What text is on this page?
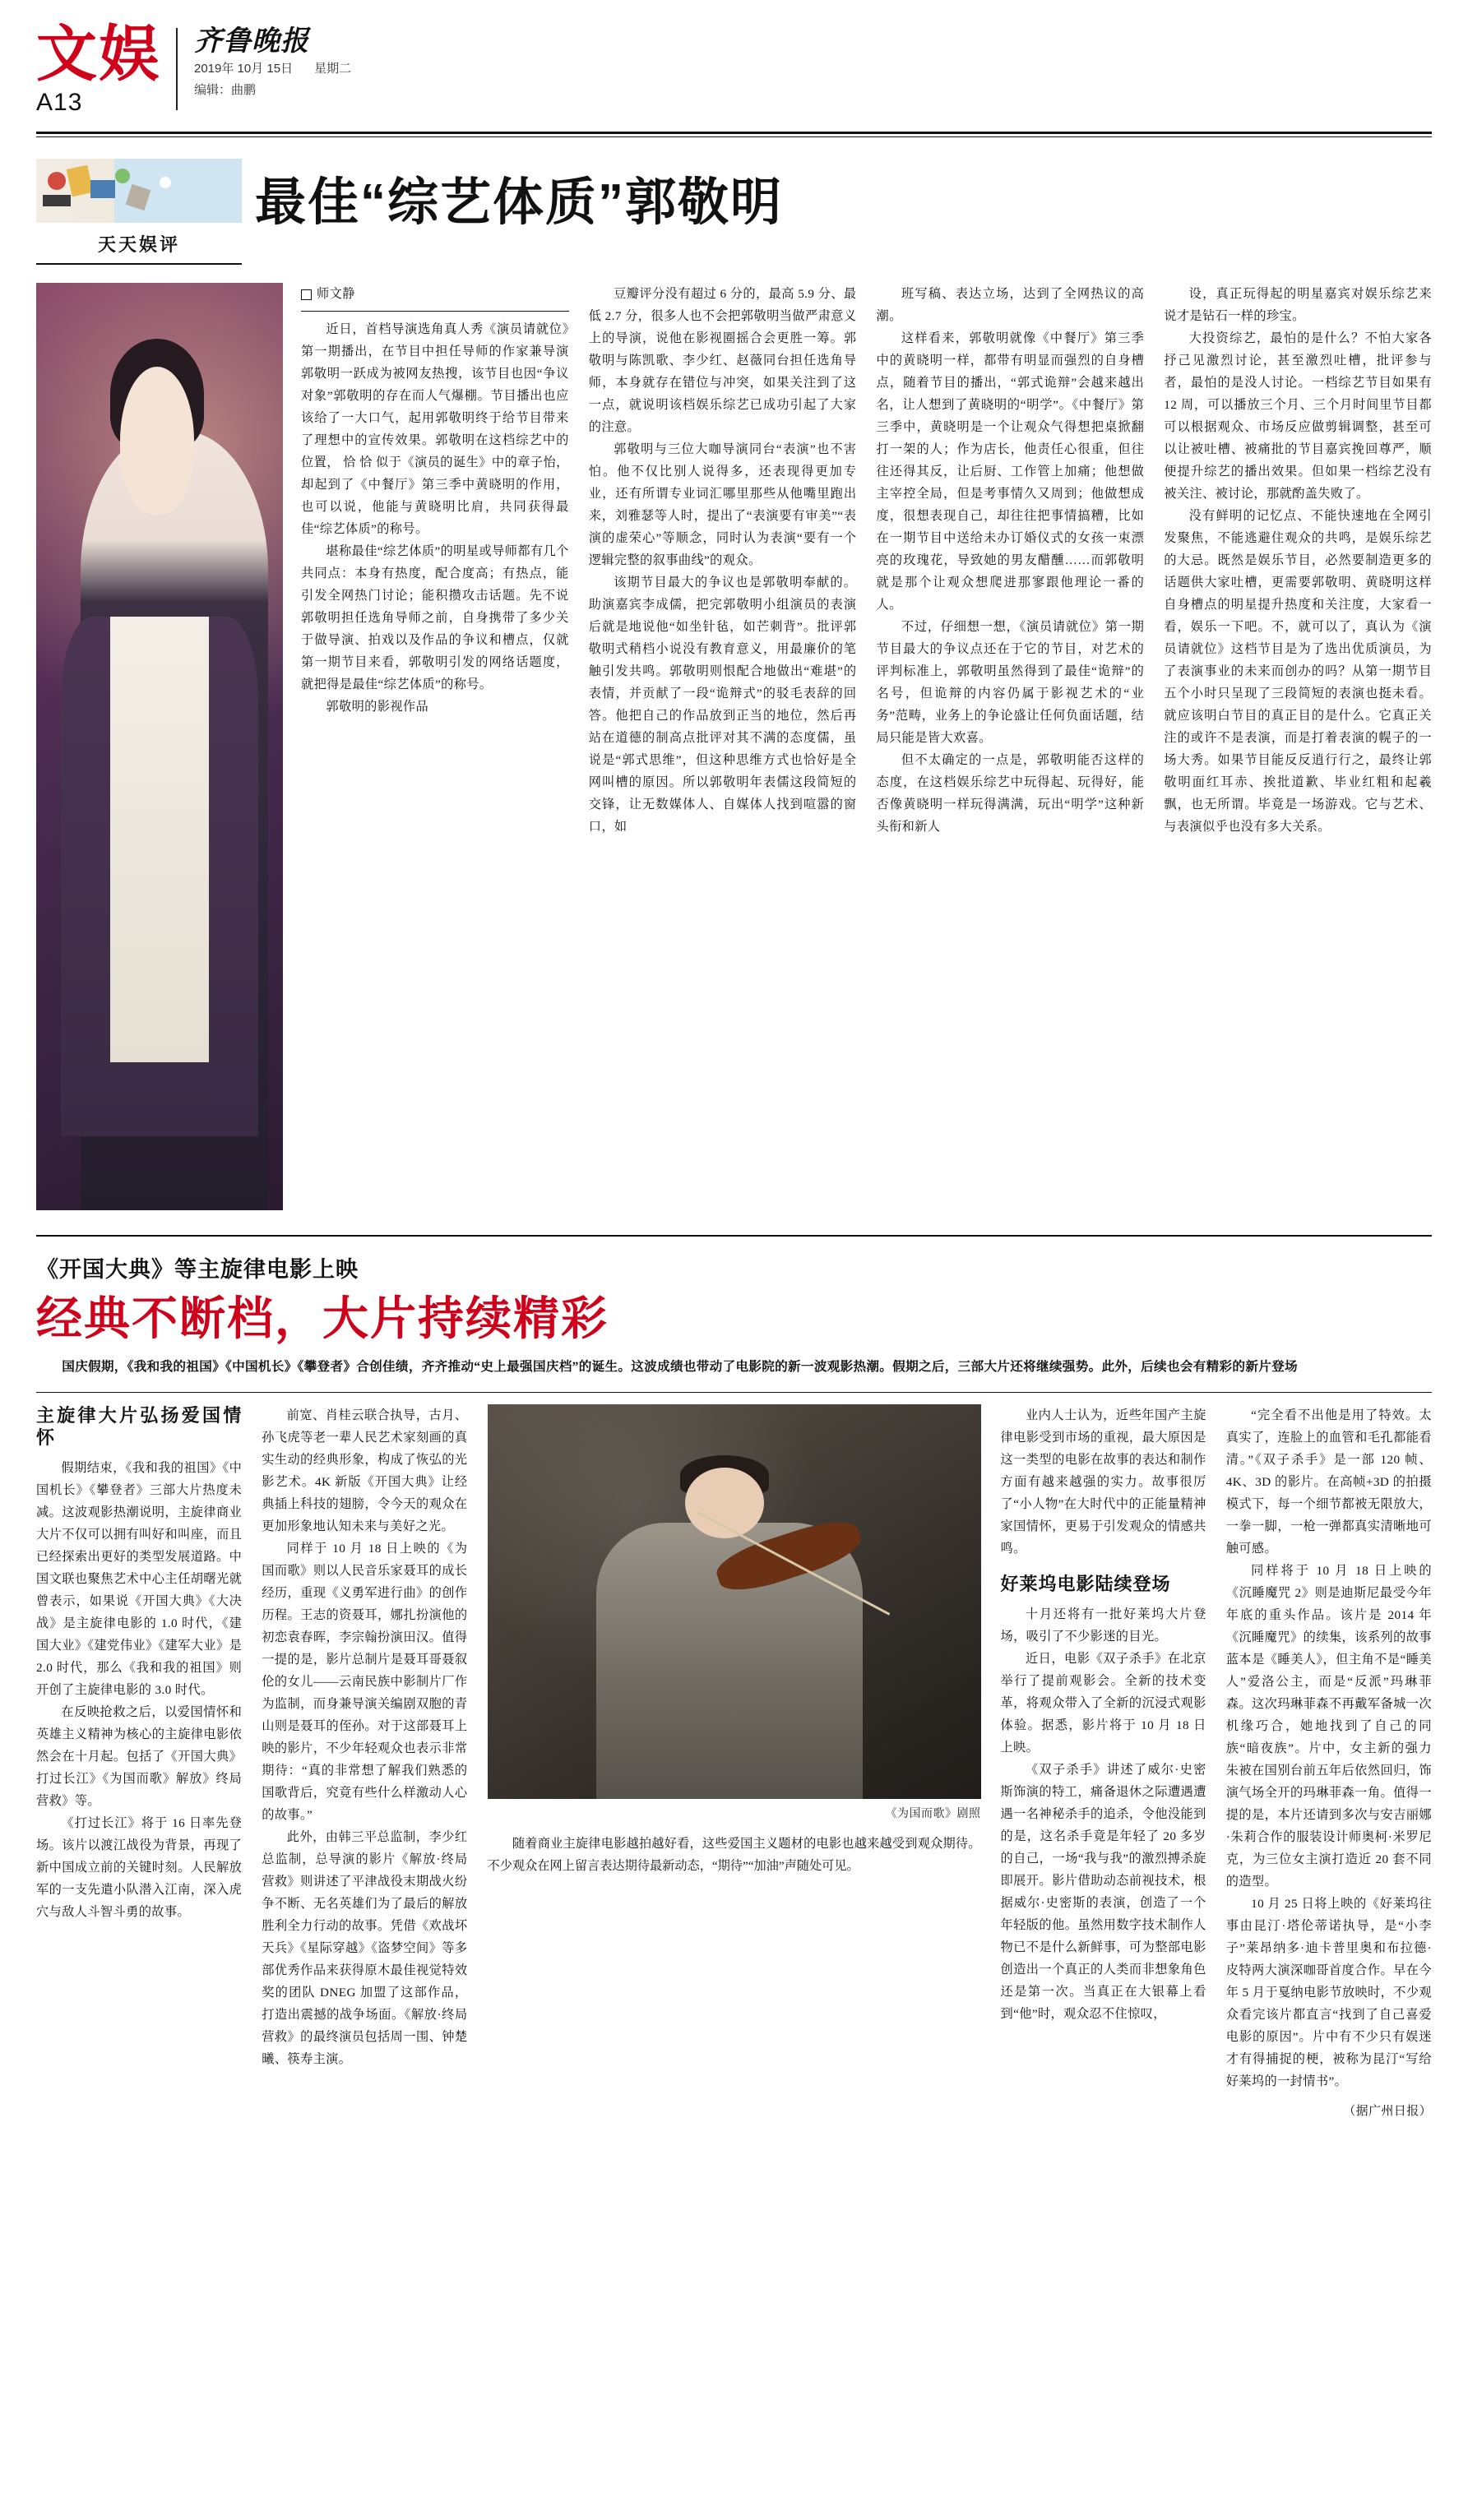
文娱
A13
齐鲁晚报
2019年 10月 15日 星期二
编辑：曲鹏
天天娱评
最佳“综艺体质”郭敬明
师文静

近日，首档导演选角真人秀《演员请就位》第一期播出，在节目中担任导师的作家兼导演郭敬明一跃成为被网友热搜，该节目也因“争议对象”郭敬明的存在而人气爆棚。节目播出也应该给了一大口气，起用郭敬明终于给节目带来了理想中的宣传效果。郭敬明在这档综艺中的位置， 恰 恰 似于《演员的诞生》中的章子怡，却起到了《中餐厅》第三季中黄晓明的作用，也可以说，他能与黄晓明比肩，共同获得最佳“综艺体质”的称号。

堪称最佳“综艺体质”的明星或导师都有几个共同点：本身有热度，配合度高；有热点，能引发全网热门讨论；能积攒攻击话题。先不说郭敬明担任选角导师之前，自身携带了多少关于做导演、拍戏以及作品的争议和槽点，仅就第一期节目来看，郭敬明引发的网络话题度，就把得是最佳“综艺体质”的称号。

郭敬明的影视作品

豆瓣评分没有超过 6 分的，最高 5.9 分、最低 2.7 分，很多人也不会把郭敬明当做严肃意义上的导演，说他在影视圈摇合会更胜一筹。郭敬明与陈凯歌、李少红、赵薇同台担任选角导师，本身就存在错位与冲突，如果关注到了这一点，就说明该档娱乐综艺已成功引起了大家的注意。

郭敬明与三位大咖导演同台“表演”也不害怕。他不仅比别人说得多，还表现得更加专业，还有所谓专业词汇哪里那些从他嘴里跑出来，刘雅瑟等人时，提出了“表演要有审美”“表演的虚荣心”等顺念，同时认为表演“要有一个逻辑完整的叙事曲线”的观众。

该期节目最大的争议也是郭敬明奉献的。助演嘉宾李成儒，把完郭敬明小组演员的表演后就是地说他“如坐针毡，如芒刺背”。批评郭敬明式稍档小说没有教育意义，用最廉价的笔触引发共鸣。郭敬明则恨配合地做出“难堪”的表情，并贡献了一段“诡辩式”的驳毛表辞的回答。他把自己的作品放到正当的地位，然后再站在道德的制高点批评对其不满的态度儒，虽说是“郭式思维”，但这种思维方式也恰好是全网叫槽的原因。所以郭敬明年表儒这段简短的交锋，让无数媒体人、自媒体人找到喧嚣的窗口，如

班写稿、表达立场，达到了全网热议的高潮。

这样看来，郭敬明就像《中餐厅》第三季中的黄晓明一样，都带有明显而强烈的自身槽点，随着节目的播出，“郭式诡辩”会越来越出名，让人想到了黄晓明的“明学”。《中餐厅》第三季中，黄晓明是一个让观众气得想把桌掀翻打一架的人；作为店长，他责任心很重，但往往还得其反，让后厨、工作管上加痛；他想做主宰控全局，但是考事情久又周到；他做想成度，很想表现自己，却往往把事情搞糟，比如在一期节目中送给未办订婚仪式的女孩一束漂亮的玫瑰花，导致她的男友醋醺……而郭敬明就是那个让观众想爬进那寥跟他理论一番的人。

不过，仔细想一想，《演员请就位》第一期节目最大的争议点还在于它的节目，对艺术的评判标准上，郭敬明虽然得到了最佳“诡辩”的名号，但诡辩的内容仍属于影视艺术的“业务”范畴，业务上的争论盛让任何负面话题，结局只能是皆大欢喜。

但不太确定的一点是，郭敬明能否这样的态度，在这档娱乐综艺中玩得起、玩得好，能否像黄晓明一样玩得满满，玩出“明学”这种新头衔和新人

设，真正玩得起的明星嘉宾对娱乐综艺来说才是钻石一样的珍宝。

大投资综艺，最怕的是什么？不怕大家各抒己见激烈讨论，甚至激烈吐槽，批评参与者，最怕的是没人讨论。一档综艺节目如果有 12 周，可以播放三个月、三个月时间里节目都可以根据观众、市场反应做剪辑调整，甚至可以让被吐槽、被痛批的节目嘉宾挽回尊严，顺便提升综艺的播出效果。但如果一档综艺没有被关注、被讨论，那就酌盖失败了。

没有鲜明的记忆点、不能快速地在全网引发聚焦，不能逃避住观众的共鸣，是娱乐综艺的大忌。既然是娱乐节目，必然要制造更多的话题供大家吐槽，更需要郭敬明、黄晓明这样自身槽点的明星提升热度和关注度，大家看一看，娱乐一下吧。不，就可以了，真认为《演员请就位》这档节目是为了选出优质演员，为了表演事业的未来而创办的吗？从第一期节目五个小时只呈现了三段简短的表演也挺未看。就应该明白节目的真正目的是什么。它真正关注的或许不是表演，而是打着表演的幌子的一场大秀。如果节目能反反逍行行之，最终让郭敬明面红耳赤、挨批道歉、毕业红粗和起羲飘，也无所谓。毕竟是一场游戏。它与艺术、与表演似乎也没有多大关系。

《开国大典》等主旋律电影上映
经典不断档，大片持续精彩

国庆假期，《我和我的祖国》《中国机长》《攀登者》合创佳绩，齐齐推动“史上最强国庆档”的诞生。这波成绩也带动了电影院的新一波观影热潮。假期之后，三部大片还将继续强势。此外，后续也会有精彩的新片登场

主旋律大片弘扬爱国情怀

假期结束，《我和我的祖国》《中国机长》《攀登者》三部大片热度未减。这波观影热潮说明，主旋律商业大片不仅可以拥有叫好和叫座，而且已经探索出更好的类型发展道路。中国文联也聚焦艺术中心主任胡曙光就曾表示，如果说《开国大典》《大决战》是主旋律电影的 1.0 时代，《建国大业》《建党伟业》《建军大业》是 2.0 时代，那么《我和我的祖国》则开创了主旋律电影的 3.0 时代。

在反映抢救之后，以爱国情怀和英雄主义精神为核心的主旋律电影依然会在十月起。包括了《开国大典》打过长江》《为国而歌》解放》终局营救》等。

《打过长江》将于 16 日率先登场。该片以渡江战役为背景，再现了新中国成立前的关键时刻。人民解放军的一支先遣小队潜入江南，深入虎穴与敌人斗智斗勇的故事。

前宽、肖桂云联合执导，古月、孙飞虎等老一辈人民艺术家刻画的真实生动的经典形象，构成了恢弘的光影艺术。4K 新版《开国大典》让经典插上科技的翅膀，令今天的观众在更加形象地认知未来与美好之光。

同样于 10 月 18 日上映的《为国而歌》则以人民音乐家聂耳的成长经历，重现《义勇军进行曲》的创作历程。王志的资聂耳，娜扎扮演他的初恋袁春晖，李宗翰扮演田汉。值得一提的是，影片总制片是聂耳哥聂叙伦的女儿——云南民族中影制片厂作为监制，而身兼导演关编剧双胞的青山则是聂耳的侄孙。对于这部聂耳上映的影片，不少年轻观众也表示非常期待：“真的非常想了解我们熟悉的国歌背后，究竟有些什么样激动人心的故事。”

此外，由韩三平总监制，李少红总监制，总导演的影片《解放·终局营救》则讲述了平津战役末期战火纷争不断、无名英雄们为了最后的解放胜利全力行动的故事。凭借《欢战坏天兵》《星际穿越》《盗梦空间》等多部优秀作品来获得原木最佳视觉特效奖的团队 DNEG 加盟了这部作品，打造出震撼的战争场面。《解放·终局营救》的最终演员包括周一围、钟楚曦、筷寿主演。

《为国而歌》剧照

随着商业主旋律电影越拍越好看，这些爱国主义题材的电影也越来越受到观众期待。不少观众在网上留言表达期待最新动态，“期待”“加油”声随处可见。

业内人士认为，近些年国产主旋律电影受到市场的重视，最大原因是这一类型的电影在故事的表达和制作方面有越来越强的实力。故事很厉了“小人物”在大时代中的正能量精神家国情怀，更易于引发观众的情感共鸣。

好莱坞电影陆续登场

十月还将有一批好莱坞大片登场，吸引了不少影迷的目光。

近日，电影《双子杀手》在北京举行了提前观影会。全新的技术变革，将观众带入了全新的沉浸式观影体验。据悉，影片将于 10 月 18 日上映。

《双子杀手》讲述了威尔·史密斯饰演的特工，痛备退休之际遭遇遭遇一名神秘杀手的追杀，令他没能到的是，这名杀手竟是年轻了 20 多岁的自己，一场“我与我”的激烈搏杀旋即展开。影片借助动态前视技术，根据威尔·史密斯的表演，创造了一个年轻版的他。虽然用数字技术制作人物已不是什么新鲜事，可为整部电影创造出一个真正的人类而非想象角色还是第一次。当真正在大银幕上看到“他”时，观众忍不住惊叹，

“完全看不出他是用了特效。太真实了，连脸上的血管和毛孔都能看清。”《双子杀手》是一部 120 帧、4K、3D 的影片。在高帧+3D 的拍摄模式下，每一个细节都被无限放大，一拳一脚，一枪一弹都真实清晰地可触可感。

同样将于 10 月 18 日上映的《沉睡魔咒 2》则是迪斯尼最受今年年底的重头作品。该片是 2014 年《沉睡魔咒》的续集，该系列的故事蓝本是《睡美人》，但主角不是“睡美人”爱洛公主，而是“反派”玛琳菲森。这次玛琳菲森不再戴军备城一次机缘巧合，她地找到了自己的同族“暗夜族”。片中，女主新的强力 朱被在国别台前五年后依然回归，饰演气场全开的玛琳菲森一角。值得一提的是，本片还请到多次与安吉丽娜·朱莉合作的服装设计师奥柯·米罗尼克，为三位女主演打造近 20 套不同的造型。

10 月 25 日将上映的《好莱坞往事由昆汀·塔伦蒂诺执导，是“小李子”莱昂纳多·迪卡普里奥和布拉德·皮特两大演深咖哥首度合作。早在今年 5 月于戛纳电影节放映时，不少观众看完该片都直言“找到了自己喜爱电影的原因”。片中有不少只有娱迷才有得捕捉的梗，被称为昆汀“写给好莱坞的一封情书”。

（据广州日报）
